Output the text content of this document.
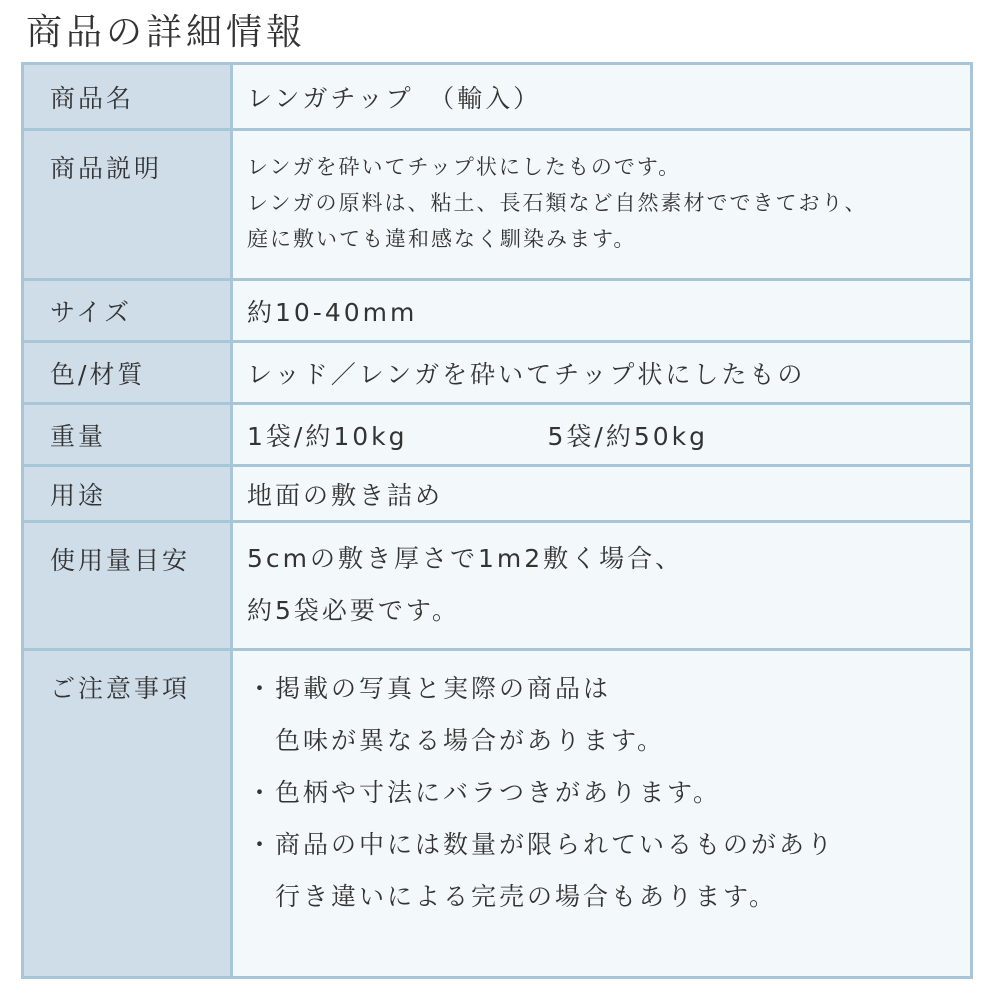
商品の詳細情報
商品名	レンガチップ　（輸入）
商品説明	レンガを砕いてチップ状にしたものです。
レンガの原料は、粘土、長石類など自然素材でできており、
庭に敷いても違和感なく馴染みます。
サイズ	約10-40mm
色/材質	レッド／レンガを砕いてチップ状にしたもの
重量	1袋/約10kg	5袋/約50kg
用途	地面の敷き詰め
使用量目安	5cmの敷き厚さで1m2敷く場合、
約5袋必要です。
ご注意事項	・掲載の写真と実際の商品は
色味が異なる場合があります。
・色柄や寸法にバラつきがあります。
・商品の中には数量が限られているものがあり
行き違いによる完売の場合もあります。
